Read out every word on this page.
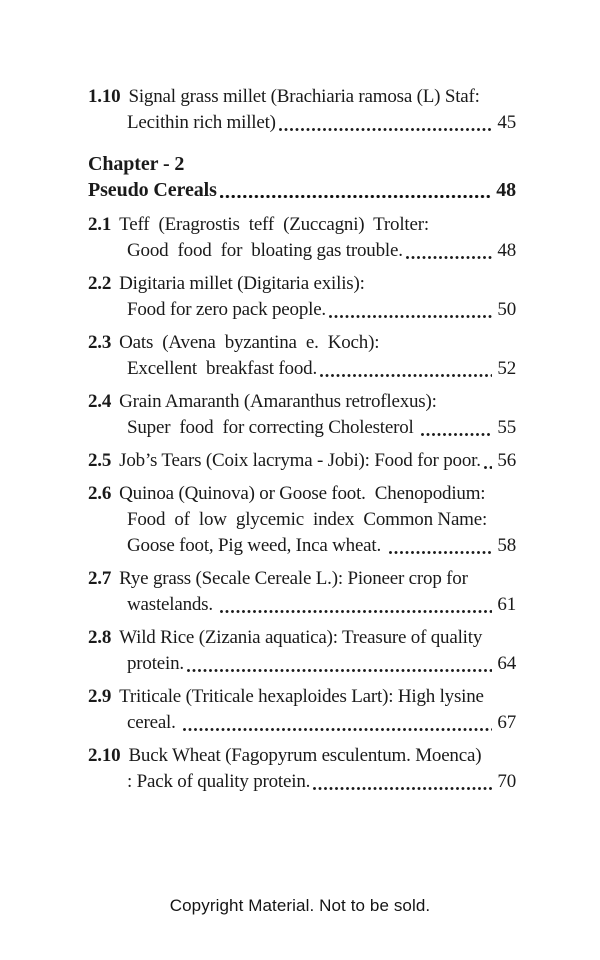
1.10 Signal grass millet (Brachiaria ramosa (L) Staf:
Lecithin rich millet)	45
Chapter - 2
Pseudo Cereals	48
2.1 Teff  (Eragrostis  teff  (Zuccagni)  Trolter:
Good  food  for  bloating gas trouble.	48
2.2 Digitaria millet (Digitaria exilis):
Food for zero pack people.	50
2.3 Oats  (Avena  byzantina  e.  Koch):
Excellent  breakfast food.	52
2.4 Grain Amaranth (Amaranthus retroflexus):
Super  food  for correcting Cholesterol	55
2.5 Job’s Tears (Coix lacryma - Jobi): Food for poor. 56
2.6 Quinoa (Quinova) or Goose foot.  Chenopodium:
Food  of  low  glycemic  index  Common Name:
Goose foot, Pig weed, Inca wheat.	58
2.7 Rye grass (Secale Cereale L.): Pioneer crop for
wastelands.	61
2.8 Wild Rice (Zizania aquatica): Treasure of quality
protein.	64
2.9 Triticale (Triticale hexaploides Lart): High lysine
cereal.	67
2.10 Buck Wheat (Fagopyrum esculentum. Moenca)
: Pack of quality protein.	70
Copyright Material. Not to be sold.
